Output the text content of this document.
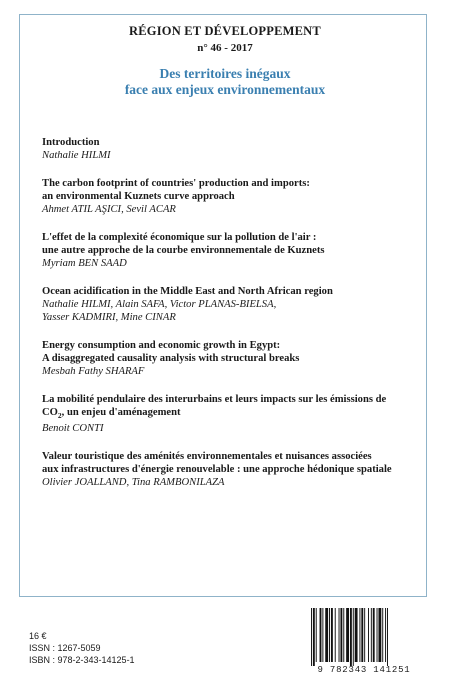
RÉGION ET DÉVELOPPEMENT
n° 46 - 2017
Des territoires inégaux
face aux enjeux environnementaux
Introduction
Nathalie HILMI
The carbon footprint of countries' production and imports:
an environmental Kuznets curve approach
Ahmet ATIL AŞICI, Sevil ACAR
L'effet de la complexité économique sur la pollution de l'air :
une autre approche de la courbe environnementale de Kuznets
Myriam BEN SAAD
Ocean acidification in the Middle East and North African region
Nathalie HILMI, Alain SAFA, Victor PLANAS-BIELSA,
Yasser KADMIRI, Mine CINAR
Energy consumption and economic growth in Egypt:
A disaggregated causality analysis with structural breaks
Mesbah Fathy SHARAF
La mobilité pendulaire des interurbains et leurs impacts sur les émissions de
$CO_2$, un enjeu d'aménagement
Benoit CONTI
Valeur touristique des aménités environnementales et nuisances associées
aux infrastructures d'énergie renouvelable : une approche hédonique spatiale
Olivier JOALLAND, Tina RAMBONILAZA
16 €
ISSN : 1267-5059
ISBN : 978-2-343-14125-1
9 782343 141251
